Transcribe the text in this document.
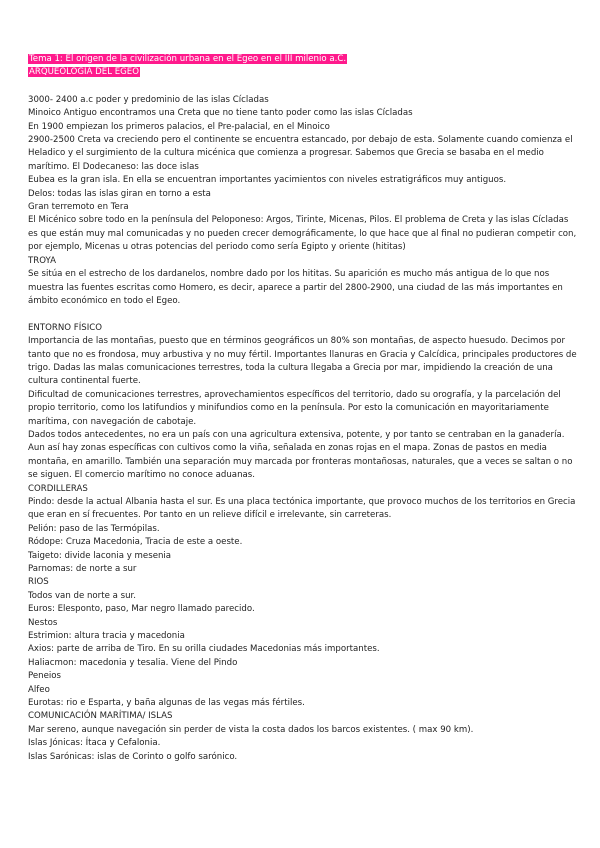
Tema 1: El origen de la civilización urbana en el Egeo en el III milenio a.C.

ARQUEOLOGÍA DEL EGEO

3000- 2400 a.c poder y predominio de las islas Cícladas

Minoico Antiguo encontramos una Creta que no tiene tanto poder como las islas Cícladas

En 1900 empiezan los primeros palacios, el Pre-palacial, en el Minoico

2900-2500 Creta va creciendo pero el continente se encuentra estancado, por debajo de esta. Solamente cuando comienza el Heladico y el surgimiento de la cultura micénica que comienza a progresar. Sabemos que Grecia se basaba en el medio marítimo. El Dodecaneso: las doce islas

Eubea es la gran isla. En ella se encuentran importantes yacimientos con niveles estratigráficos muy antiguos.

Delos: todas las islas giran en torno a esta

Gran terremoto en Tera

El Micénico sobre todo en la península del Peloponeso: Argos, Tirinte, Micenas, Pilos. El problema de Creta y las islas Cícladas es que están muy mal comunicadas y no pueden crecer demográficamente, lo que hace que al final no pudieran competir con, por ejemplo, Micenas u otras potencias del periodo como sería Egipto y oriente (hititas)

TROYA

Se sitúa en el estrecho de los dardanelos, nombre dado por los hititas. Su aparición es mucho más antigua de lo que nos muestra las fuentes escritas como Homero, es decir, aparece a partir del 2800-2900, una ciudad de las más importantes en ámbito económico en todo el Egeo.

ENTORNO FÍSICO

Importancia de las montañas, puesto que en términos geográficos un 80% son montañas, de aspecto huesudo. Decimos por tanto que no es frondosa, muy arbustiva y no muy fértil. Importantes llanuras en Gracia y Calcídica, principales productores de trigo. Dadas las malas comunicaciones terrestres, toda la cultura llegaba a Grecia por mar, impidiendo la creación de una cultura continental fuerte.

Dificultad de comunicaciones terrestres, aprovechamientos específicos del territorio, dado su orografía, y la parcelación del propio territorio, como los latifundios y minifundios como en la península. Por esto la comunicación en mayoritariamente marítima, con navegación de cabotaje.

Dados todos antecedentes, no era un país con una agricultura extensiva, potente, y por tanto se centraban en la ganadería. Aun así hay zonas específicas con cultivos como la viña, señalada en zonas rojas en el mapa. Zonas de pastos en media montaña, en amarillo. También una separación muy marcada por fronteras montañosas, naturales, que a veces se saltan o no se siguen. El comercio marítimo no conoce aduanas.

CORDILLERAS

Pindo: desde la actual Albania hasta el sur. Es una placa tectónica importante, que provoco muchos de los territorios en Grecia que eran en sí frecuentes. Por tanto en un relieve difícil e irrelevante, sin carreteras.

Pelión: paso de las Termópilas.

Ródope: Cruza Macedonia, Tracia de este a oeste.

Taigeto: divide laconia y mesenia

Parnomas: de norte a sur

RIOS

Todos van de norte a sur.

Euros: Elesponto, paso, Mar negro llamado parecido.

Nestos

Estrimion: altura tracia y macedonia

Axios: parte de arriba de Tiro. En su orilla ciudades Macedonias más importantes.

Haliacmon: macedonia y tesalia. Viene del Pindo

Peneios

Alfeo

Eurotas: rio e Esparta, y baña algunas de las vegas más fértiles.

COMUNICACIÓN MARÍTIMA/ ISLAS

Mar sereno, aunque navegación sin perder de vista la costa dados los barcos existentes. ( max 90 km).

Islas Jónicas: Ítaca y Cefalonia.

Islas Sarónicas: islas de Corinto o golfo sarónico.
